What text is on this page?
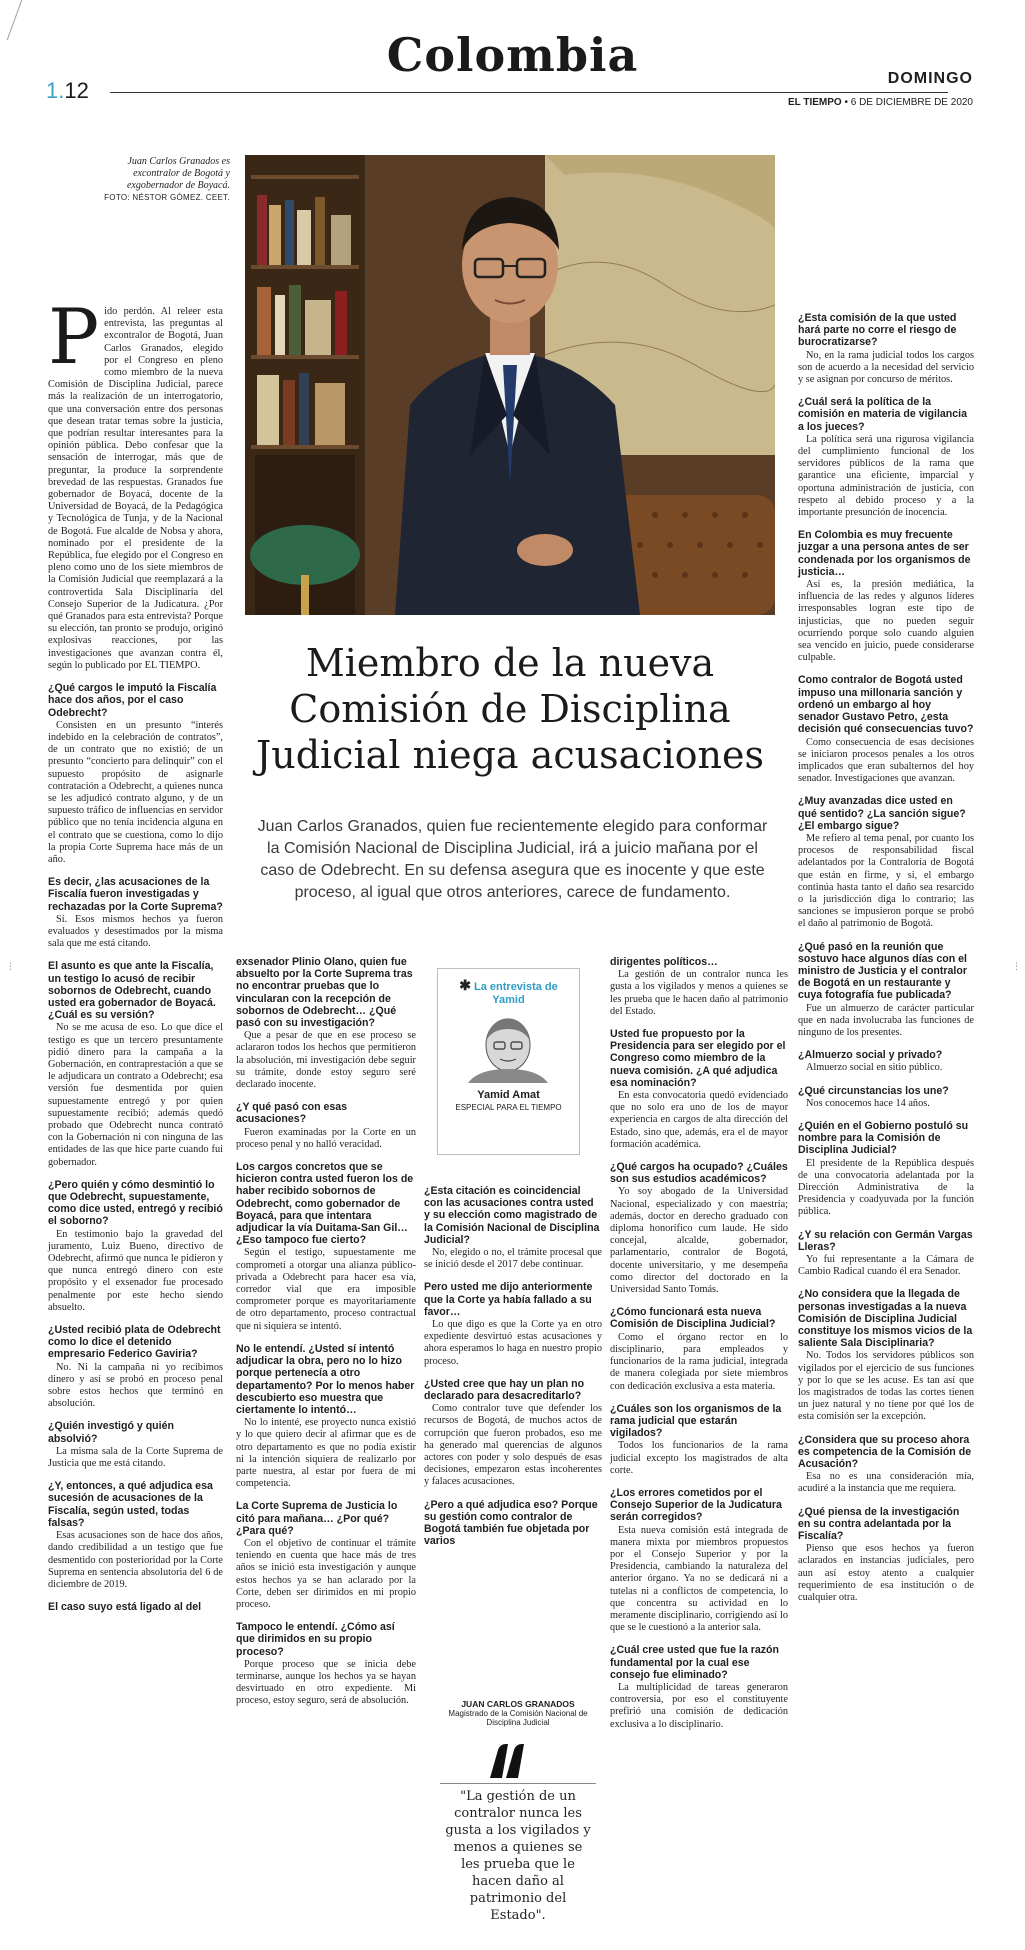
Colombia
1.12	DOMINGO
EL TIEMPO • 6 DE DICIEMBRE DE 2020
Juan Carlos Granados es excontralor de Bogotá y exgobernador de Boyacá.
FOTO: NÉSTOR GÓMEZ. CEET.
Miembro de la nueva Comisión de Disciplina Judicial niega acusaciones
Juan Carlos Granados, quien fue recientemente elegido para conformar la Comisión Nacional de Disciplina Judicial, irá a juicio mañana por el caso de Odebrecht. En su defensa asegura que es inocente y que este proceso, al igual que otros anteriores, carece de fundamento.
⋮	⋮

Pido perdón. Al releer esta entrevista, las preguntas al excontralor de Bogotá, Juan Carlos Granados, elegido por el Congreso en pleno como miembro de la nueva Comisión de Disciplina Judicial, parece más la realización de un interrogatorio, que una conversación entre dos personas que desean tratar temas sobre la justicia, que podrían resultar interesantes para la opinión pública. Debo confesar que la sensación de interrogar, más que de preguntar, la produce la sorprendente brevedad de las respuestas. Granados fue gobernador de Boyacá, docente de la Universidad de Boyacá, de la Pedagógica y Tecnológica de Tunja, y de la Nacional de Bogotá. Fue alcalde de Nobsa y ahora, nominado por el presidente de la República, fue elegido por el Congreso en pleno como uno de los siete miembros de la Comisión Judicial que reemplazará a la controvertida Sala Disciplinaria del Consejo Superior de la Judicatura. ¿Por qué Granados para esta entrevista? Porque su elección, tan pronto se produjo, originó explosivas reacciones, por las investigaciones que avanzan contra él, según lo publicado por EL TIEMPO.

¿Qué cargos le imputó la Fiscalía hace dos años, por el caso Odebrecht?

Consisten en un presunto “interés indebido en la celebración de contratos”, de un contrato que no existió; de un presunto “concierto para delinquir” con el supuesto propósito de asignarle contratación a Odebrecht, a quienes nunca se les adjudicó contrato alguno, y de un supuesto tráfico de influencias en servidor público que no tenía incidencia alguna en el contrato que se cuestiona, como lo dijo la propia Corte Suprema hace más de un año.

Es decir, ¿las acusaciones de la Fiscalía fueron investigadas y rechazadas por la Corte Suprema?

Sí. Esos mismos hechos ya fueron evaluados y desestimados por la misma sala que me está citando.

El asunto es que ante la Fiscalía, un testigo lo acusó de recibir sobornos de Odebrecht, cuando usted era gobernador de Boyacá. ¿Cuál es su versión?

No se me acusa de eso. Lo que dice el testigo es que un tercero presuntamente pidió dinero para la campaña a la Gobernación, en contraprestación a que se le adjudicara un contrato a Odebrecht; esa versión fue desmentida por quien supuestamente entregó y por quien supuestamente recibió; además quedó probado que Odebrecht nunca contrató con la Gobernación ni con ninguna de las entidades de las que hice parte cuando fui gobernador.

¿Pero quién y cómo desmintió lo que Odebrecht, supuestamente, como dice usted, entregó y recibió el soborno?

En testimonio bajo la gravedad del juramento, Luiz Bueno, directivo de Odebrecht, afirmó que nunca le pidieron y que nunca entregó dinero con este propósito y el exsenador fue procesado penalmente por este hecho siendo absuelto.

¿Usted recibió plata de Odebrecht como lo dice el detenido empresario Federico Gaviria?

No. Ni la campaña ni yo recibimos dinero y así se probó en proceso penal sobre estos hechos que terminó en absolución.

¿Quién investigó y quién absolvió?

La misma sala de la Corte Suprema de Justicia que me está citando.

¿Y, entonces, a qué adjudica esa sucesión de acusaciones de la Fiscalía, según usted, todas falsas?

Esas acusaciones son de hace dos años, dando credibilidad a un testigo que fue desmentido con posterioridad por la Corte Suprema en sentencia absolutoria del 6 de diciembre de 2019.

El caso suyo está ligado al del
exsenador Plinio Olano, quien fue absuelto por la Corte Suprema tras no encontrar pruebas que lo vincularan con la recepción de sobornos de Odebrecht… ¿Qué pasó con su investigación?

Que a pesar de que en ese proceso se aclararon todos los hechos que permitieron la absolución, mi investigación debe seguir su trámite, donde estoy seguro seré declarado inocente.

¿Y qué pasó con esas acusaciones?

Fueron examinadas por la Corte en un proceso penal y no halló veracidad.

Los cargos concretos que se hicieron contra usted fueron los de haber recibido sobornos de Odebrecht, como gobernador de Boyacá, para que intentara adjudicar la vía Duitama-San Gil… ¿Eso tampoco fue cierto?

Según el testigo, supuestamente me comprometí a otorgar una alianza público-privada a Odebrecht para hacer esa vía, corredor vial que era imposible comprometer porque es mayoritariamente de otro departamento, proceso contractual que ni siquiera se intentó.

No le entendí. ¿Usted sí intentó adjudicar la obra, pero no lo hizo porque pertenecía a otro departamento? Por lo menos haber descubierto eso muestra que ciertamente lo intentó…

No lo intenté, ese proyecto nunca existió y lo que quiero decir al afirmar que es de otro departamento es que no podía existir ni la intención siquiera de realizarlo por parte nuestra, al estar por fuera de mi competencia.

La Corte Suprema de Justicia lo citó para mañana… ¿Por qué? ¿Para qué?

Con el objetivo de continuar el trámite teniendo en cuenta que hace más de tres años se inició esta investigación y aunque estos hechos ya se han aclarado por la Corte, deben ser dirimidos en mi propio proceso.

Tampoco le entendí. ¿Cómo así que dirimidos en su propio proceso?

Porque proceso que se inicia debe terminarse, aunque los hechos ya se hayan desvirtuado en otro expediente. Mi proceso, estoy seguro, será de absolución.

✱ La entrevista de Yamid
Yamid Amat
ESPECIAL PARA EL TIEMPO
¿Esta citación es coincidencial con las acusaciones contra usted y su elección como magistrado de la Comisión Nacional de Disciplina Judicial?

No, elegido o no, el trámite procesal que se inició desde el 2017 debe continuar.

Pero usted me dijo anteriormente que la Corte ya había fallado a su favor…

Lo que digo es que la Corte ya en otro expediente desvirtuó estas acusaciones y ahora esperamos lo haga en nuestro propio proceso.

¿Usted cree que hay un plan no declarado para desacreditarlo?

Como contralor tuve que defender los recursos de Bogotá, de muchos actos de corrupción que fueron probados, eso me ha generado mal querencias de algunos actores con poder y solo después de esas decisiones, empezaron estas incoherentes y falaces acusaciones.

¿Pero a qué adjudica eso? Porque su gestión como contralor de Bogotá también fue objetada por varios
JUAN CARLOS GRANADOS
Magistrado de la Comisión Nacional de Disciplina Judicial
"La gestión de un contralor nunca les gusta a los vigilados y menos a quienes se les prueba que le hacen daño al patrimonio del Estado".
dirigentes políticos…

La gestión de un contralor nunca les gusta a los vigilados y menos a quienes se les prueba que le hacen daño al patrimonio del Estado.

Usted fue propuesto por la Presidencia para ser elegido por el Congreso como miembro de la nueva comisión. ¿A qué adjudica esa nominación?

En esta convocatoria quedó evidenciado que no solo era uno de los de mayor experiencia en cargos de alta dirección del Estado, sino que, además, era el de mayor formación académica.

¿Qué cargos ha ocupado? ¿Cuáles son sus estudios académicos?

Yo soy abogado de la Universidad Nacional, especializado y con maestría; además, doctor en derecho graduado con diploma honorífico cum laude. He sido concejal, alcalde, gobernador, parlamentario, contralor de Bogotá, docente universitario, y me desempeña como director del doctorado en la Universidad Santo Tomás.

¿Cómo funcionará esta nueva Comisión de Disciplina Judicial?

Como el órgano rector en lo disciplinario, para empleados y funcionarios de la rama judicial, integrada de manera colegiada por siete miembros con dedicación exclusiva a esta materia.

¿Cuáles son los organismos de la rama judicial que estarán vigilados?

Todos los funcionarios de la rama judicial excepto los magistrados de alta corte.

¿Los errores cometidos por el Consejo Superior de la Judicatura serán corregidos?

Esta nueva comisión está integrada de manera mixta por miembros propuestos por el Consejo Superior y por la Presidencia, cambiando la naturaleza del anterior órgano. Ya no se dedicará ni a tutelas ni a conflictos de competencia, lo que concentra su actividad en lo meramente disciplinario, corrigiendo así lo que se le cuestionó a la anterior sala.

¿Cuál cree usted que fue la razón fundamental por la cual ese consejo fue eliminado?

La multiplicidad de tareas generaron controversia, por eso el constituyente prefirió una comisión de dedicación exclusiva a lo disciplinario.

¿Esta comisión de la que usted hará parte no corre el riesgo de burocratizarse?

No, en la rama judicial todos los cargos son de acuerdo a la necesidad del servicio y se asignan por concurso de méritos.

¿Cuál será la política de la comisión en materia de vigilancia a los jueces?

La política será una rigurosa vigilancia del cumplimiento funcional de los servidores públicos de la rama que garantice una eficiente, imparcial y oportuna administración de justicia, con respeto al debido proceso y a la importante presunción de inocencia.

En Colombia es muy frecuente juzgar a una persona antes de ser condenada por los organismos de justicia…

Así es, la presión mediática, la influencia de las redes y algunos líderes irresponsables logran este tipo de injusticias, que no pueden seguir ocurriendo porque solo cuando alguien sea vencido en juicio, puede considerarse culpable.

Como contralor de Bogotá usted impuso una millonaria sanción y ordenó un embargo al hoy senador Gustavo Petro, ¿esta decisión qué consecuencias tuvo?

Como consecuencia de esas decisiones se iniciaron procesos penales a los otros implicados que eran subalternos del hoy senador. Investigaciones que avanzan.

¿Muy avanzadas dice usted en qué sentido? ¿La sanción sigue? ¿El embargo sigue?

Me refiero al tema penal, por cuanto los procesos de responsabilidad fiscal adelantados por la Contraloría de Bogotá que están en firme, y si, el embargo continúa hasta tanto el daño sea resarcido o la jurisdicción diga lo contrario; las sanciones se impusieron porque se probó el daño al patrimonio de Bogotá.

¿Qué pasó en la reunión que sostuvo hace algunos días con el ministro de Justicia y el contralor de Bogotá en un restaurante y cuya fotografía fue publicada?

Fue un almuerzo de carácter particular que en nada involucraba las funciones de ninguno de los presentes.

¿Almuerzo social y privado?

Almuerzo social en sitio público.

¿Qué circunstancias los une?

Nos conocemos hace 14 años.

¿Quién en el Gobierno postuló su nombre para la Comisión de Disciplina Judicial?

El presidente de la República después de una convocatoria adelantada por la Dirección Administrativa de la Presidencia y coadyuvada por la función pública.

¿Y su relación con Germán Vargas Lleras?

Yo fui representante a la Cámara de Cambio Radical cuando él era Senador.

¿No considera que la llegada de personas investigadas a la nueva Comisión de Disciplina Judicial constituye los mismos vicios de la saliente Sala Disciplinaria?

No. Todos los servidores públicos son vigilados por el ejercicio de sus funciones y por lo que se les acuse. Es tan así que los magistrados de todas las cortes tienen un juez natural y no tiene por qué los de esta comisión ser la excepción.

¿Considera que su proceso ahora es competencia de la Comisión de Acusación?

Esa no es una consideración mía, acudiré a la instancia que me requiera.

¿Qué piensa de la investigación en su contra adelantada por la Fiscalía?

Pienso que esos hechos ya fueron aclarados en instancias judiciales, pero aun así estoy atento a cualquier requerimiento de esa institución o de cualquier otra.
